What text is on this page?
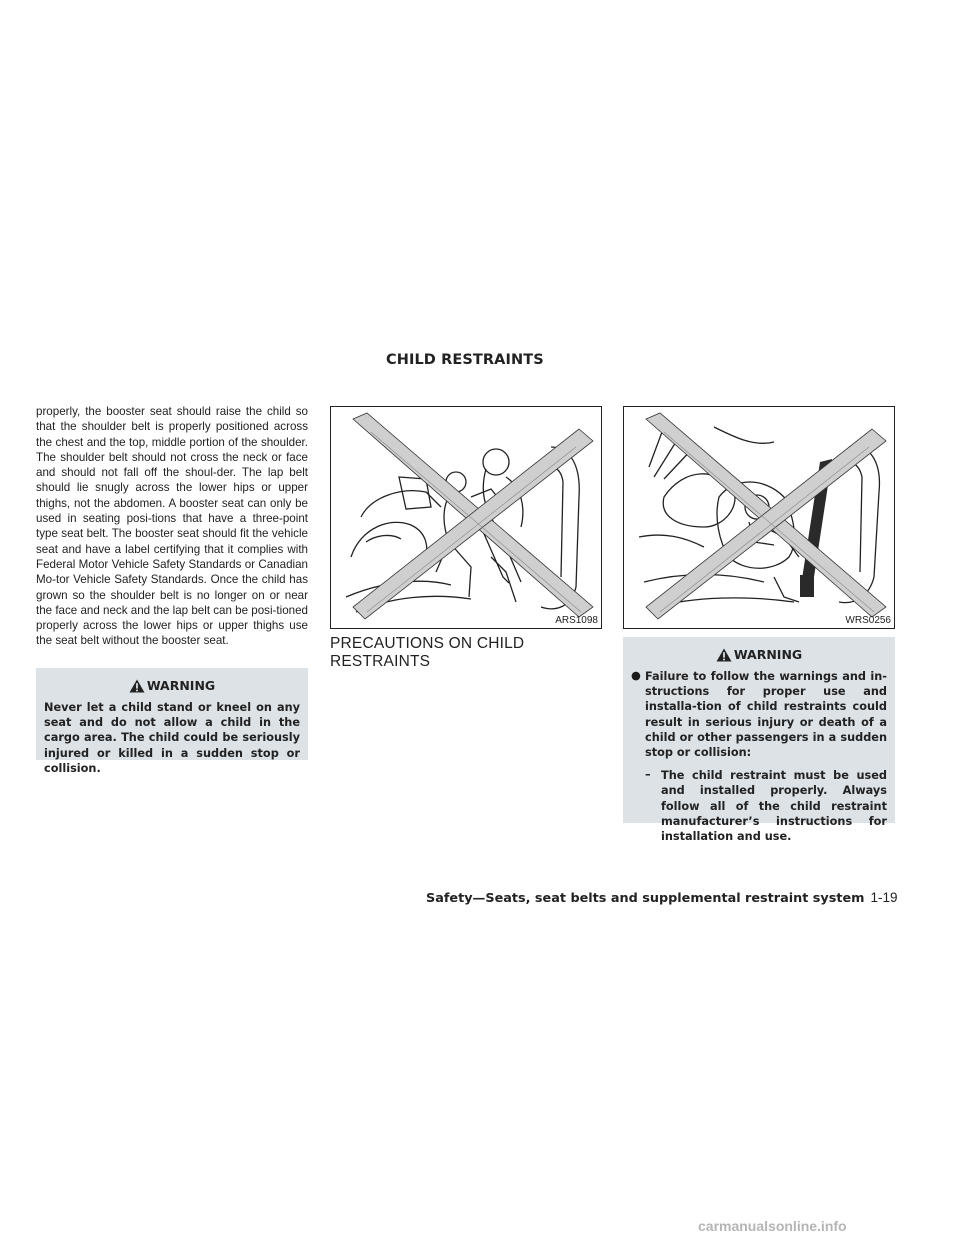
CHILD RESTRAINTS

properly, the booster seat should raise the child so that the shoulder belt is properly positioned across the chest and the top, middle portion of the shoulder. The shoulder belt should not cross the neck or face and should not fall off the shoul-der. The lap belt should lie snugly across the lower hips or upper thighs, not the abdomen. A booster seat can only be used in seating posi-tions that have a three-point type seat belt. The booster seat should fit the vehicle seat and have a label certifying that it complies with Federal Motor Vehicle Safety Standards or Canadian Mo-tor Vehicle Safety Standards. Once the child has grown so the shoulder belt is no longer on or near the face and neck and the lap belt can be posi-tioned properly across the lower hips or upper thighs use the seat belt without the booster seat.

WARNING
Never let a child stand or kneel on any seat and do not allow a child in the cargo area. The child could be seriously injured or killed in a sudden stop or collision.
ARS1098	WRS0256
PRECAUTIONS ON CHILD RESTRAINTS	WARNING
● Failure to follow the warnings and in-structions for proper use and installa-tion of child restraints could result in serious injury or death of a child or other passengers in a sudden stop or collision:
– The child restraint must be used and installed properly. Always follow all of the child restraint manufacturer’s instructions for installation and use.
Safety—Seats, seat belts and supplemental restraint system 1-19
carmanualsonline.info
